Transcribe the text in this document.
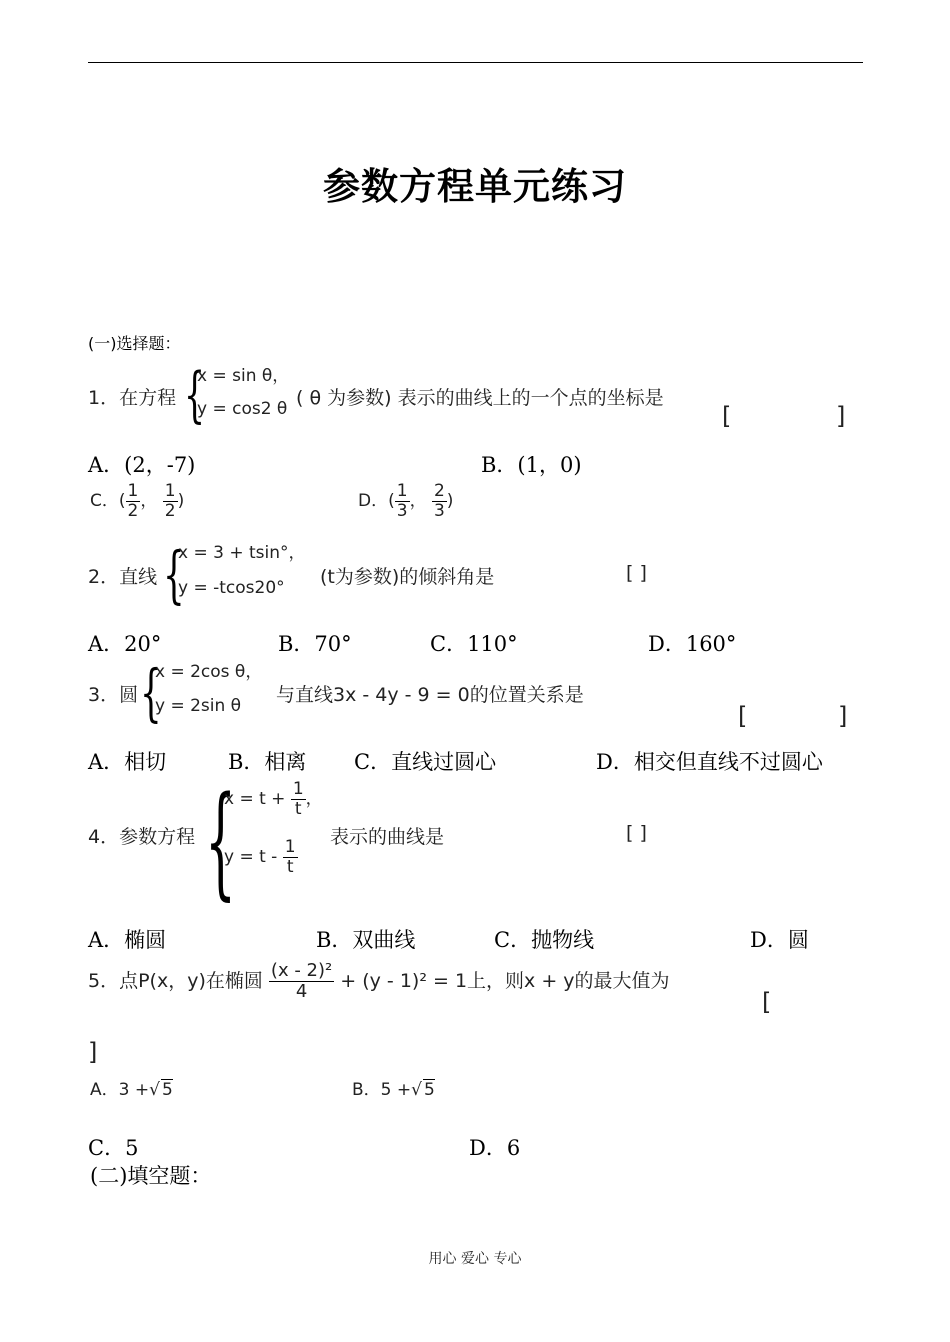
参数方程单元练习
(一)选择题：
1．在方程 {
x = sin θ，
y = cos2 θ ( θ 为参数) 表示的曲线上的一个点的坐标是
[	]
A．(2，-7)	B．(1，0)
C．( $\frac{1}{2}$ ， $\frac{1}{2}$ )	D．( $\frac{1}{3}$ ， $\frac{2}{3}$ )
2．直线 {
x = 3 + tsin°，
y = -tcos20° (t为参数)的倾斜角是	[ ]
A．20°	B．70°	C．110°	D．160°
3．圆 {
x = 2cos θ，
y = 2sin θ 与直线3x - 4y - 9 = 0的位置关系是
[	]
A．相切	B．相离 C．直线过圆心	D．相交但直线不过圆心
4．参数方程 {
$x = t + \frac{1}{t}$ ，
$y = t - \frac{1}{t}$
表示的曲线是	[ ]
A．椭圆	B．双曲线	C．抛物线	D．圆
5．点P(x，y)在椭圆 $\frac{\text{(x - 2)²}}{4} + (y - 1)^2 = 1$上，则x + y的最大值为
[
]
A．3 +√ 5	B．5 +√ 5
C．5	D．6
(二)填空题：
用心 爱心 专心
